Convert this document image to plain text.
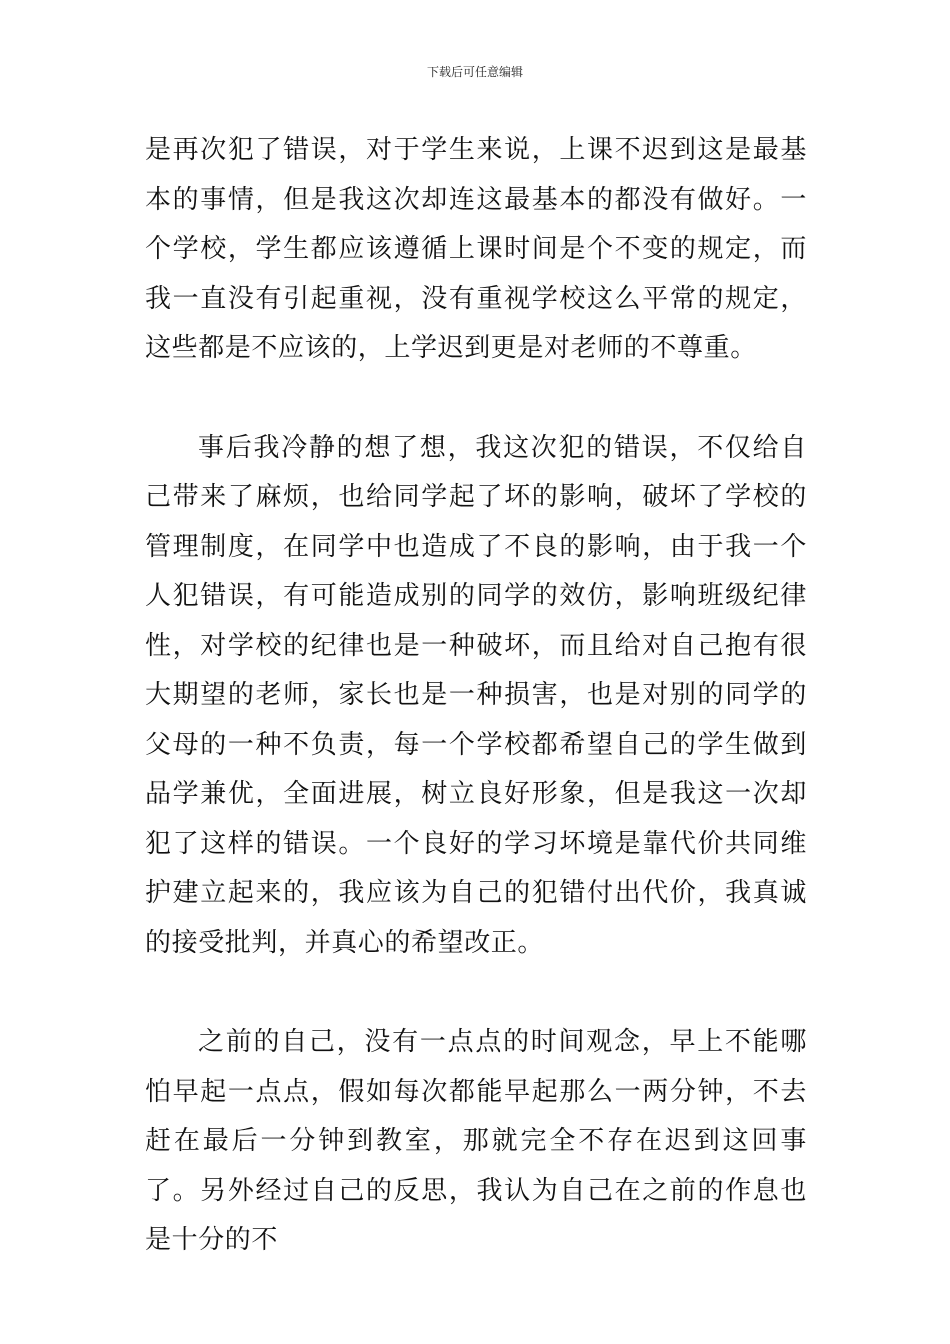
下载后可任意编辑

是再次犯了错误，对于学生来说，上课不迟到这是最基本的事情，但是我这次却连这最基本的都没有做好。一个学校，学生都应该遵循上课时间是个不变的规定，而我一直没有引起重视，没有重视学校这么平常的规定，这些都是不应该的，上学迟到更是对老师的不尊重。

事后我冷静的想了想，我这次犯的错误，不仅给自己带来了麻烦，也给同学起了坏的影响，破坏了学校的管理制度，在同学中也造成了不良的影响，由于我一个人犯错误，有可能造成别的同学的效仿，影响班级纪律性，对学校的纪律也是一种破坏，而且给对自己抱有很大期望的老师，家长也是一种损害，也是对别的同学的父母的一种不负责，每一个学校都希望自己的学生做到品学兼优，全面进展，树立良好形象，但是我这一次却犯了这样的错误。一个良好的学习坏境是靠代价共同维护建立起来的，我应该为自己的犯错付出代价，我真诚的接受批判，并真心的希望改正。

之前的自己，没有一点点的时间观念，早上不能哪怕早起一点点，假如每次都能早起那么一两分钟，不去赶在最后一分钟到教室，那就完全不存在迟到这回事了。另外经过自己的反思，我认为自己在之前的作息也是十分的不
